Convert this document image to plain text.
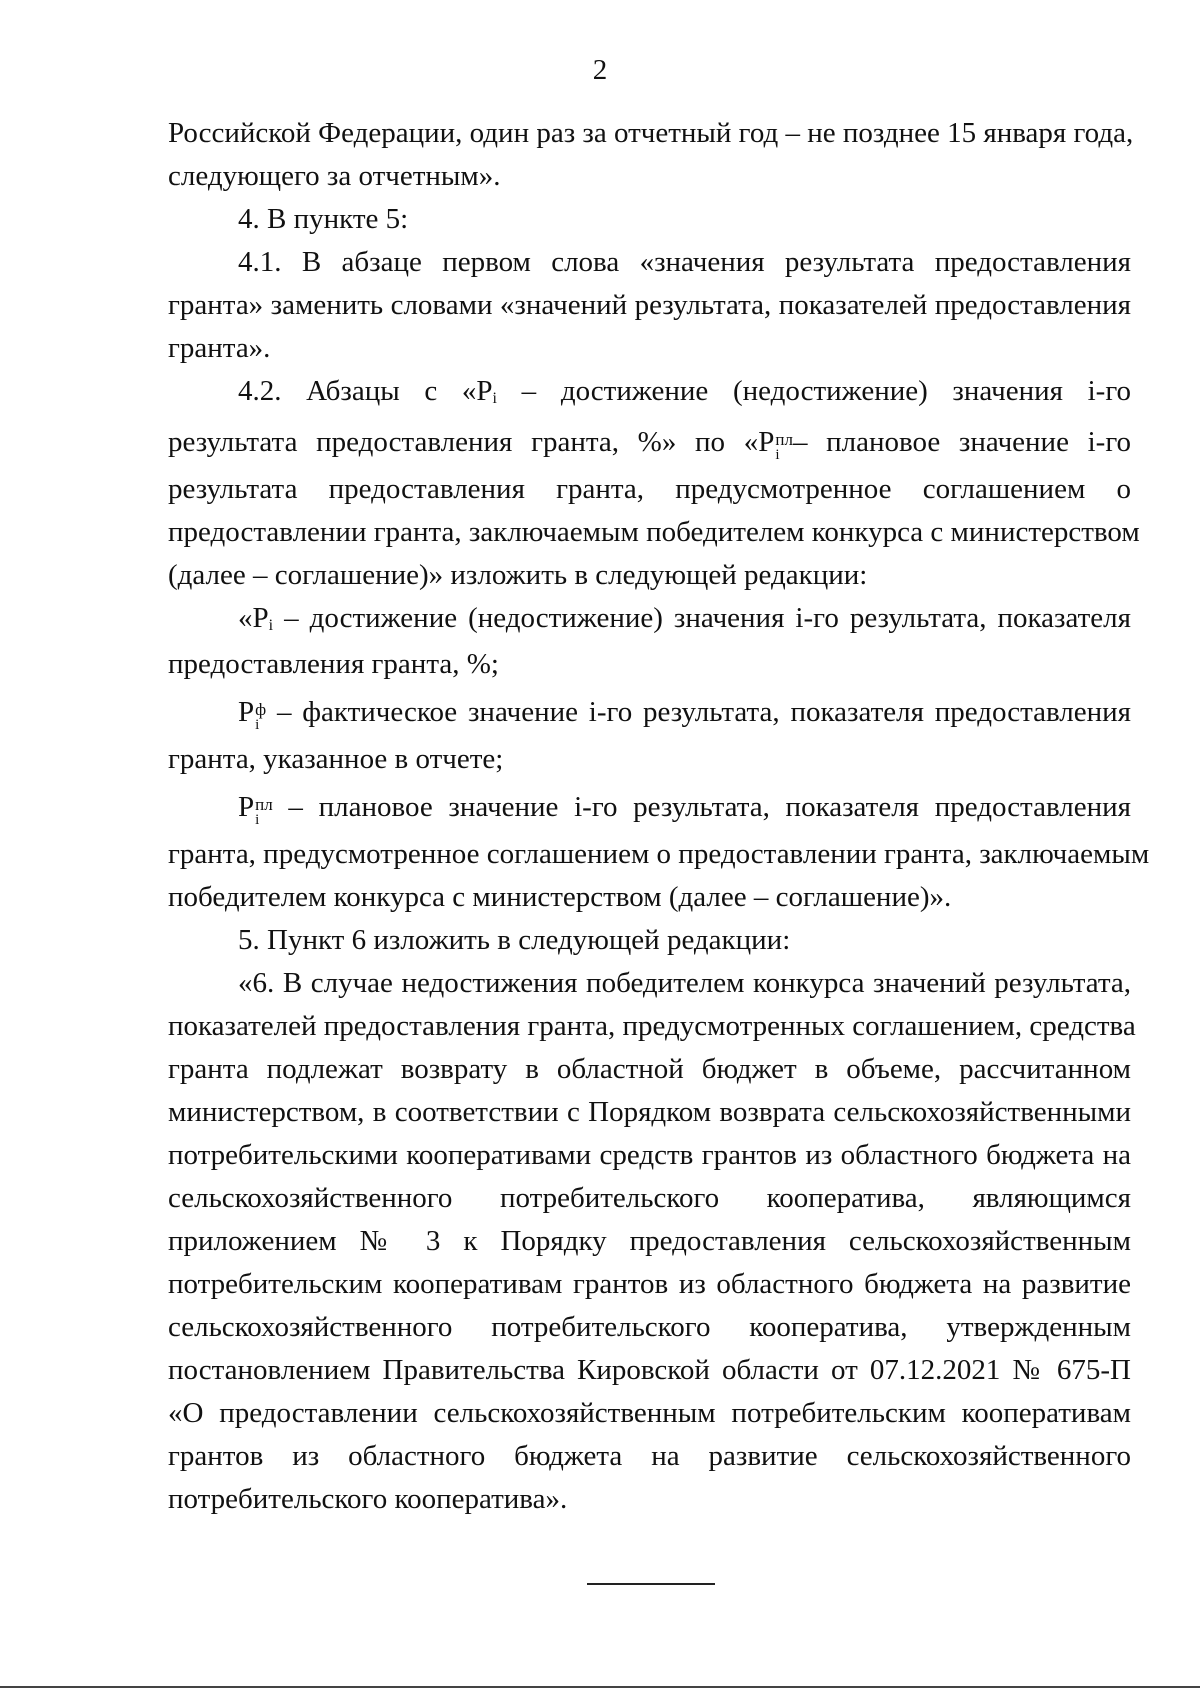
2
Российской Федерации, один раз за отчетный год – не позднее 15 января года,
следующего за отчетным».
4. В пункте 5:
4.1. В абзаце первом слова «значения результата предоставления
гранта» заменить словами «значений результата, показателей предоставления
гранта».
4.2. Абзацы с «Pi – достижение (недостижение) значения i-го
результата предоставления гранта, %» по «P пл
i – плановое значение i-го
результата предоставления гранта, предусмотренное соглашением о
предоставлении гранта, заключаемым победителем конкурса с министерством
(далее – соглашение)» изложить в следующей редакции:
«Pi – достижение (недостижение) значения i-го результата, показателя
предоставления гранта, %;
P ф
i – фактическое значение i-го результата, показателя предоставления
гранта, указанное в отчете;
P пл
i – плановое значение i-го результата, показателя предоставления
гранта, предусмотренное соглашением о предоставлении гранта, заключаемым
победителем конкурса с министерством (далее – соглашение)».
5. Пункт 6 изложить в следующей редакции:
«6. В случае недостижения победителем конкурса значений результата,
показателей предоставления гранта, предусмотренных соглашением, средства
гранта подлежат возврату в областной бюджет в объеме, рассчитанном
министерством, в соответствии с Порядком возврата сельскохозяйственными
потребительскими кооперативами средств грантов из областного бюджета на
сельскохозяйственного потребительского кооператива, являющимся
приложением № 3 к Порядку предоставления сельскохозяйственным
потребительским кооперативам грантов из областного бюджета на развитие
сельскохозяйственного потребительского кооператива, утвержденным
постановлением Правительства Кировской области от 07.12.2021 № 675-П
«О предоставлении сельскохозяйственным потребительским кооперативам
грантов из областного бюджета на развитие сельскохозяйственного
потребительского кооператива».
